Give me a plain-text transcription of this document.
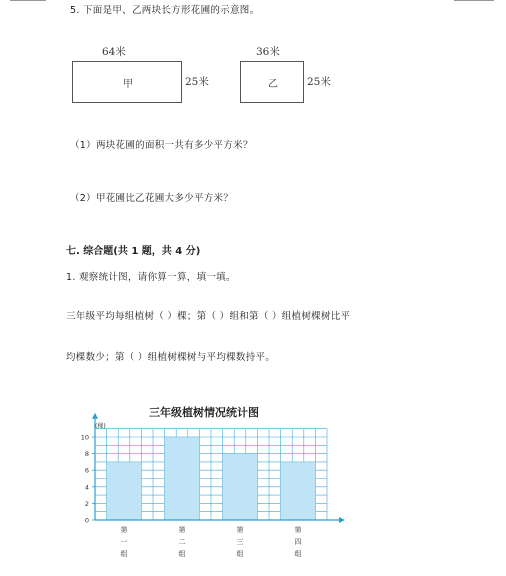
5. 下面是甲、乙两块长方形花圃的示意图。
64米
甲	25米
36米
乙	25米
（1）两块花圃的面积一共有多少平方米？
（2）甲花圃比乙花圃大多少平方米？
七. 综合题(共 1 题，共 4 分)
1. 观察统计图，请你算一算，填一填。
三年级平均每组植树（ ）棵；第（ ）组和第（ ）组植树棵树比平
均棵数少；第（ ）组植树棵树与平均棵数持平。
三年级植树情况统计图
(棵)
0
2
4
6
8
10
第
一
组
第
二
组
第
三
组
第
四
组
